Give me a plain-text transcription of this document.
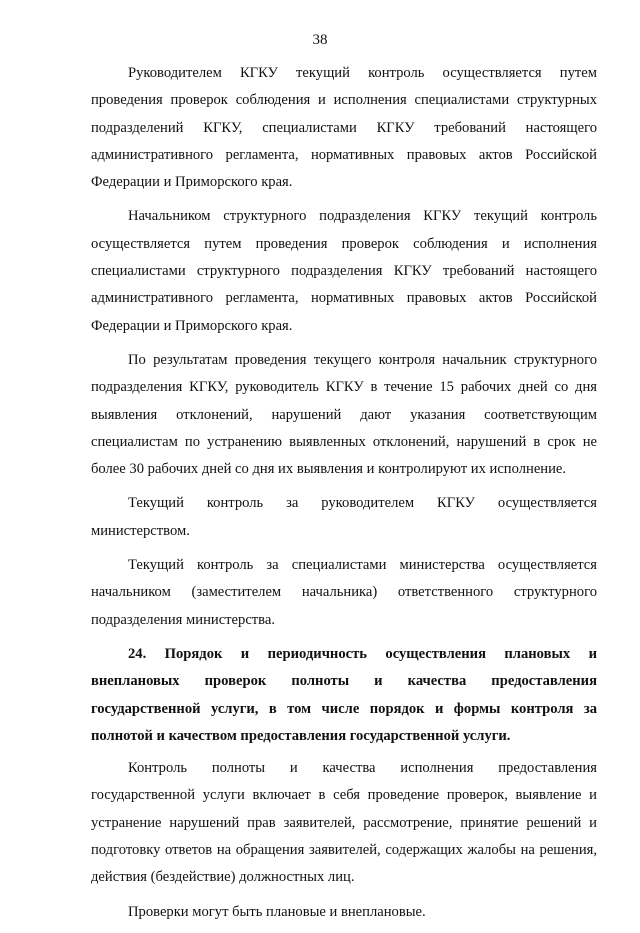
38

Руководителем КГКУ текущий контроль осуществляется путем проведения проверок соблюдения и исполнения специалистами структурных подразделений КГКУ, специалистами КГКУ требований настоящего административного регламента, нормативных правовых актов Российской Федерации и Приморского края.

Начальником структурного подразделения КГКУ текущий контроль осуществляется путем проведения проверок соблюдения и исполнения специалистами структурного подразделения КГКУ требований настоящего административного регламента, нормативных правовых актов Российской Федерации и Приморского края.

По результатам проведения текущего контроля начальник структурного подразделения КГКУ, руководитель КГКУ в течение 15 рабочих дней со дня выявления отклонений, нарушений дают указания соответствующим специалистам по устранению выявленных отклонений, нарушений в срок не более 30 рабочих дней со дня их выявления и контролируют их исполнение.

Текущий контроль за руководителем КГКУ осуществляется министерством.

Текущий контроль за специалистами министерства осуществляется начальником (заместителем начальника) ответственного структурного подразделения министерства.

24. Порядок и периодичность осуществления плановых и внеплановых проверок полноты и качества предоставления государственной услуги, в том числе порядок и формы контроля за полнотой и качеством предоставления государственной услуги.

Контроль полноты и качества исполнения предоставления государственной услуги включает в себя проведение проверок, выявление и устранение нарушений прав заявителей, рассмотрение, принятие решений и подготовку ответов на обращения заявителей, содержащих жалобы на решения, действия (бездействие) должностных лиц.

Проверки могут быть плановые и внеплановые.
